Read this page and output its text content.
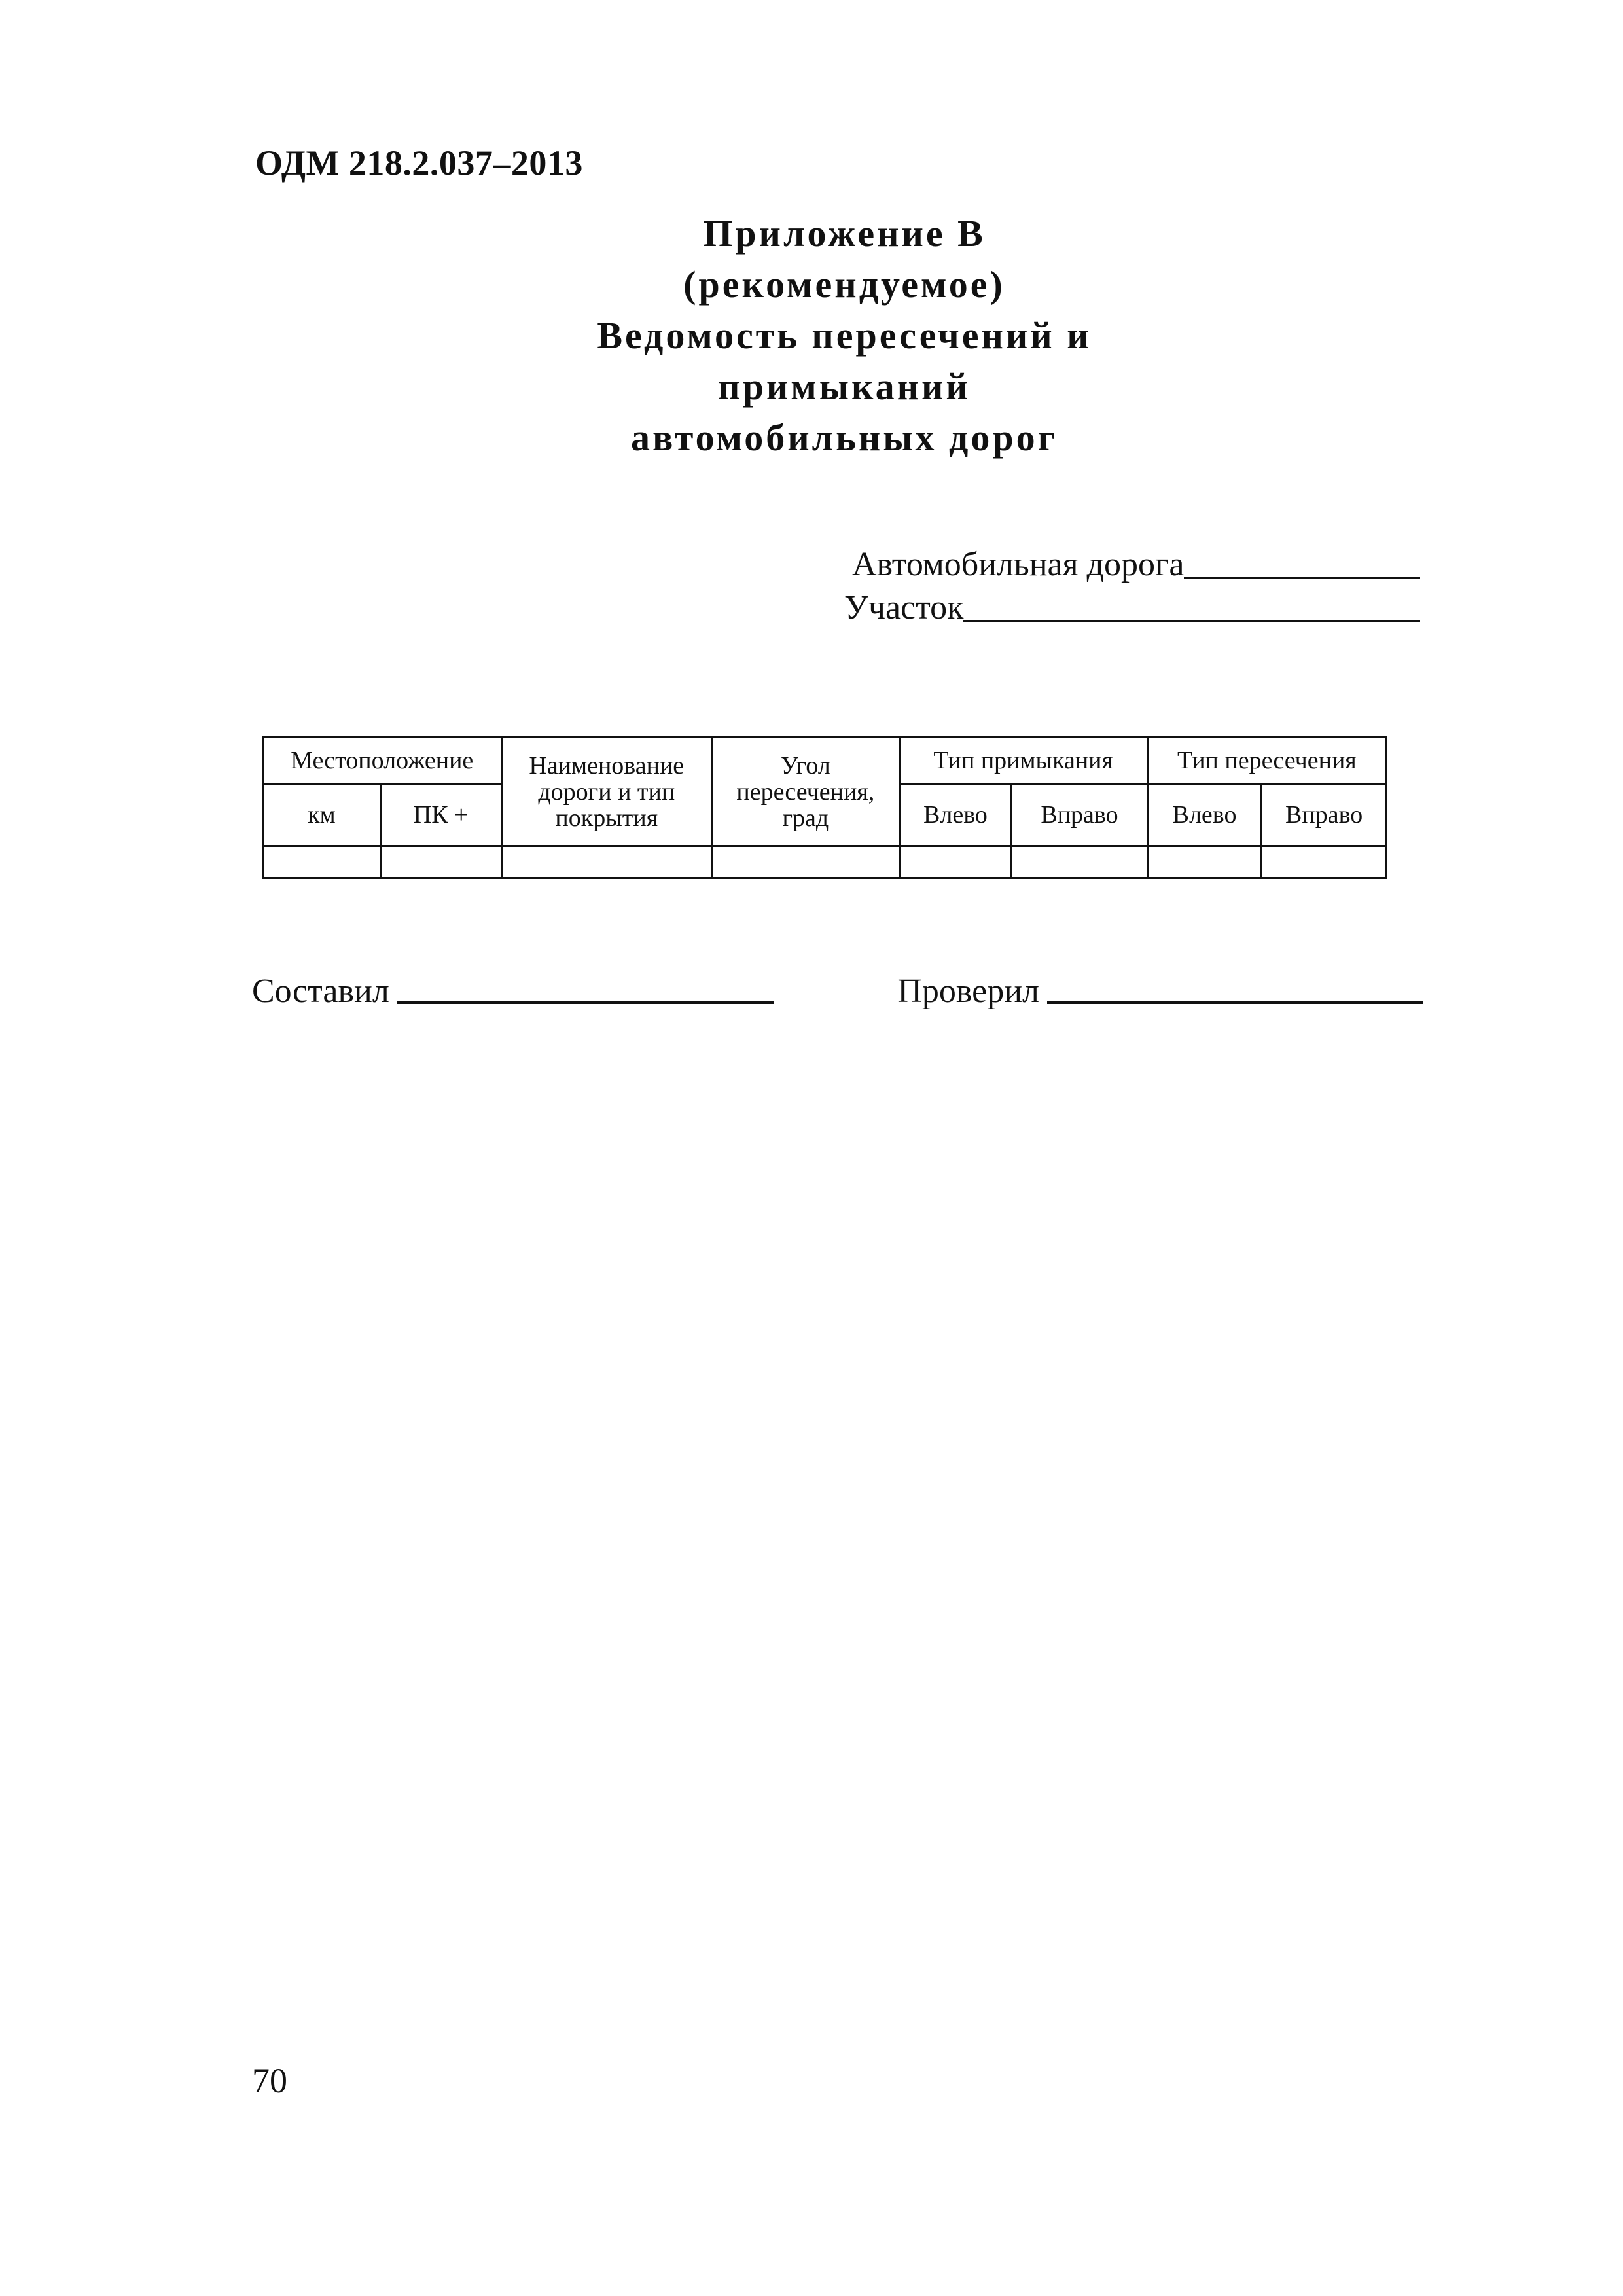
ОДМ 218.2.037–2013
Приложение В
(рекомендуемое)
Ведомость пересечений и примыканий
автомобильных дорог
Автомобильная дорога
Участок
Местоположение		Наименование дороги и тип покрытия	Угол пересечения, град	Тип примыкания		Тип пересечения	
км	ПК +			Влево	Вправо	Влево	Вправо

Составил	Проверил
70
